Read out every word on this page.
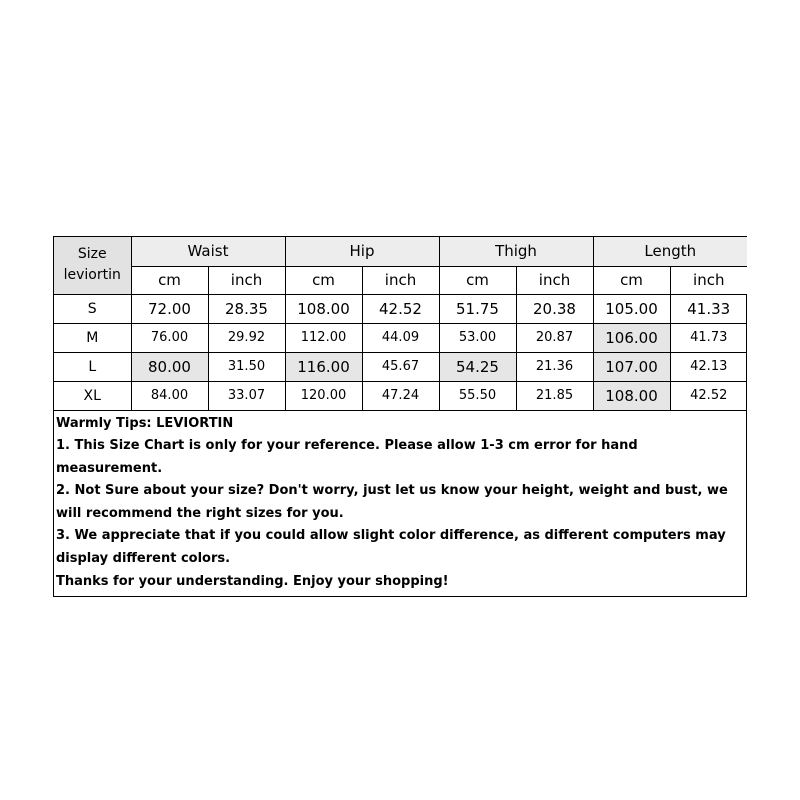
Size
leviortin	Waist		Hip		Thigh		Length	
	cm	inch	cm	inch	cm	inch	cm	inch
S	72.00	28.35	108.00	42.52	51.75	20.38	105.00	41.33
M	76.00	29.92	112.00	44.09	53.00	20.87	106.00	41.73
L	80.00	31.50	116.00	45.67	54.25	21.36	107.00	42.13
XL	84.00	33.07	120.00	47.24	55.50	21.85	108.00	42.52

Warmly Tips: LEVIORTIN

1. This Size Chart is only for your reference. Please allow 1-3 cm error for hand measurement.

2. Not Sure about your size? Don't worry, just let us know your height, weight and bust, we will recommend the right sizes for you.

3. We appreciate that if you could allow slight color difference, as different computers may display different colors.

Thanks for your understanding. Enjoy your shopping!
